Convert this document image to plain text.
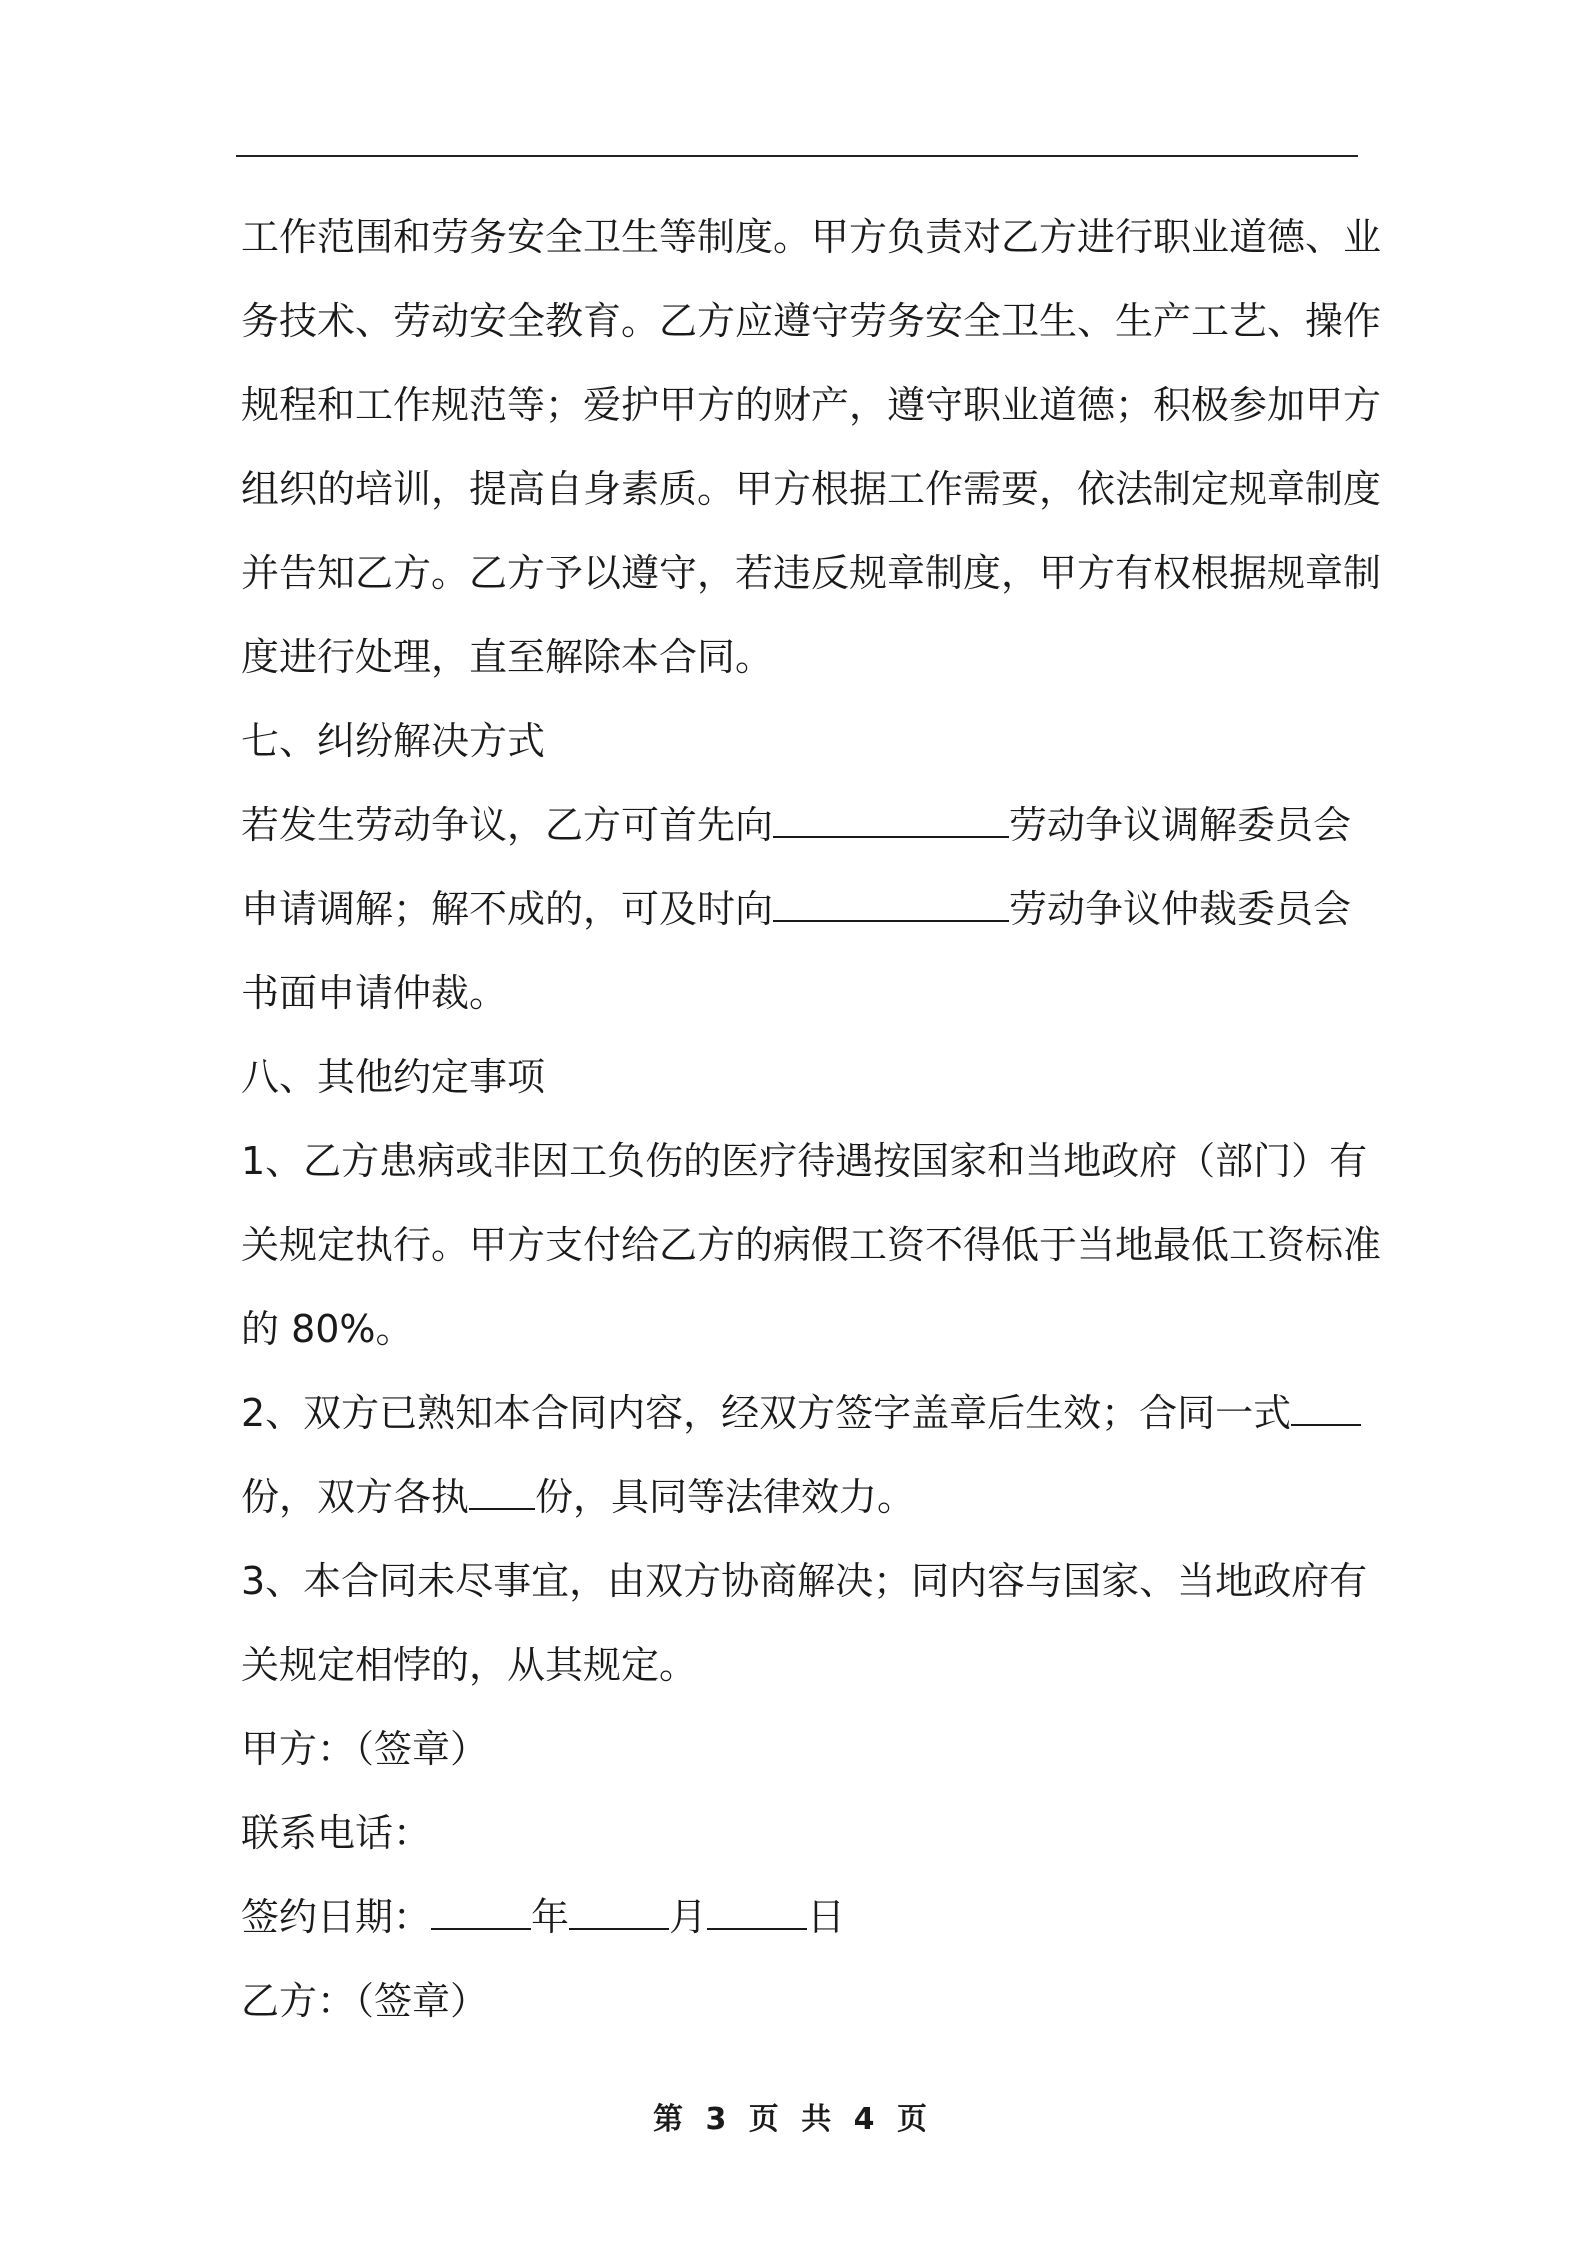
工作范围和劳务安全卫生等制度。甲方负责对乙方进行职业道德、业
务技术、劳动安全教育。乙方应遵守劳务安全卫生、生产工艺、操作
规程和工作规范等；爱护甲方的财产，遵守职业道德；积极参加甲方
组织的培训，提高自身素质。甲方根据工作需要，依法制定规章制度
并告知乙方。乙方予以遵守，若违反规章制度，甲方有权根据规章制
度进行处理，直至解除本合同。
七、纠纷解决方式
若发生劳动争议，乙方可首先向	劳动争议调解委员会
申请调解；解不成的，可及时向	劳动争议仲裁委员会
书面申请仲裁。
八、其他约定事项
1、乙方患病或非因工负伤的医疗待遇按国家和当地政府（部门）有
关规定执行。甲方支付给乙方的病假工资不得低于当地最低工资标准
的 80%。
2、双方已熟知本合同内容，经双方签字盖章后生效；合同一式
份，双方各执 份，具同等法律效力。
3、本合同未尽事宜，由双方协商解决；同内容与国家、当地政府有
关规定相悖的，从其规定。
甲方：（签章）
联系电话：
签约日期：	年	月	日
乙方：（签章）
第 3 页 共 4 页
